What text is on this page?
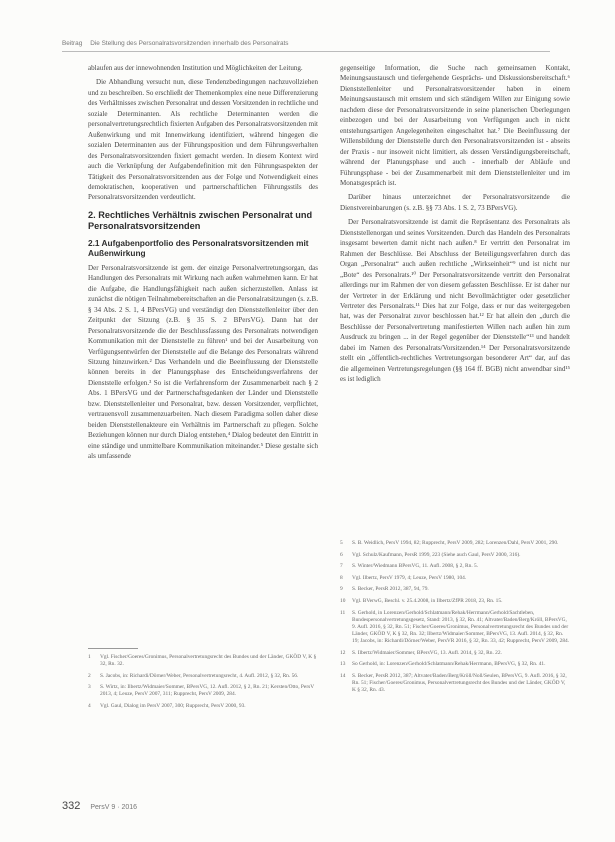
Beitrag Die Stellung des Personalratsvorsitzenden innerhalb des Personalrats

ablaufen aus der innewohnenden Institution und Möglichkeiten der Leitung.

Die Abhandlung versucht nun, diese Tendenzbedingungen nachzuvollziehen und zu beschreiben. So erschließt der Themenkomplex eine neue Differenzierung des Verhältnisses zwischen Personalrat und dessen Vorsitzenden in rechtliche und soziale Determinanten. Als rechtliche Determinanten werden die personalvertretungsrechtlich fixierten Aufgaben des Personalratsvorsitzenden mit Außenwirkung und mit Innenwirkung identifiziert, während hingegen die sozialen Determinanten aus der Führungsposition und dem Führungsverhalten des Personalratsvorsitzenden fixiert gemacht werden. In diesem Kontext wird auch die Verknüpfung der Aufgabendefinition mit den Führungsaspekten der Tätigkeit des Personalratsvorsitzenden aus der Folge und Notwendigkeit eines demokratischen, kooperativen und partnerschaftlichen Führungsstils des Personalratsvorsitzenden verdeutlicht.

2. Rechtliches Verhältnis zwischen Personalrat und Personalratsvorsitzenden
2.1 Aufgabenportfolio des Personalratsvorsitzenden mit Außenwirkung

Der Personalratsvorsitzende ist gem. der einzige Personalvertretungsorgan, das Handlungen des Personalrats mit Wirkung nach außen wahrnehmen kann. Er hat die Aufgabe, die Handlungsfähigkeit nach außen sicherzustellen. Anlass ist zunächst die nötigen Teilnahmebereitschaften an die Personalratsitzungen (s. z.B. § 34 Abs. 2 S. 1, 4 BPersVG) und verständigt den Dienststellenleiter über den Zeitpunkt der Sitzung (z.B. § 35 S. 2 BPersVG). Dann hat der Personalratsvorsitzende die der Beschlussfassung des Personalrats notwendigen Kommunikation mit der Dienststelle zu führen¹ und bei der Ausarbeitung von Verfügungsentwürfen der Dienststelle auf die Belange des Personalrats während Sitzung hinzuwirken.² Das Verhandeln und die Beeinflussung der Dienststelle können bereits in der Planungsphase des Entscheidungsverfahrens der Dienststelle erfolgen.³ So ist die Verfahrensform der Zusammenarbeit nach § 2 Abs. 1 BPersVG und der Partnerschaftsgedanken der Länder und Dienststelle bzw. Dienststellenleiter und Personalrat, bzw. dessen Vorsitzender, verpflichtet, vertrauensvoll zusammenzuarbeiten. Nach diesem Paradigma sollen daher diese beiden Dienststellenakteure ein Verhältnis im Partnerschaft zu pflegen. Solche Beziehungen können nur durch Dialog entstehen,⁴ Dialog bedeutet den Eintritt in eine ständige und unmittelbare Kommunikation miteinander.⁵ Diese gestalte sich als umfassende

1	Vgl. Fischer/Goeres/Gronimus, Personalvertretungsrecht des Bundes und der Länder, GKÖD V, K § 32, Rn. 32.
2	S. Jacobs, in: Richardi/Dörner/Weber, Personalvertretungsrecht, 4. Aufl. 2012, § 32, Rn. 56.
3	S. Wirtz, in: Ilbertz/Widmaier/Sommer, BPersVG, 12. Aufl. 2012, § 2, Rn. 21; Kersten/Otto, PersV 2013, 4; Leuze, PersV 2007, 311; Rupprecht, PersV 2009, 284.
4	Vgl. Gaul, Dialog im PersV 2007, 300; Rupprecht, PersV 2000, 93.

gegenseitige Information, die Suche nach gemeinsamen Kontakt, Meinungsaustausch und tiefergehende Gesprächs- und Diskussionsbereitschaft.⁶ Dienststellenleiter und Personalratsvorsitzender haben in einem Meinungsaustausch mit ernstem und sich ständigem Willen zur Einigung sowie nachdem diese der Personalratsvorsitzende in seine planerischen Überlegungen einbezogen und bei der Ausarbeitung von Verfügungen auch in nicht entstehungsartigen Angelegenheiten eingeschaltet hat.⁷ Die Beeinflussung der Willensbildung der Dienststelle durch den Personalratsvorsitzenden ist - abseits der Praxis - nur insoweit nicht limitiert, als dessen Verständigungsbereitschaft, während der Planungsphase und auch - innerhalb der Abläufe und Führungsphase - bei der Zusammenarbeit mit dem Dienststellenleiter und im Monatsgespräch ist.

Darüber hinaus unterzeichnet der Personalratsvorsitzende die Dienstvereinbarungen (s. z.B. §§ 73 Abs. 1 S. 2, 73 BPersVG).

Der Personalratsvorsitzende ist damit die Repräsentanz des Personalrats als Dienststellenorgan und seines Vorsitzenden. Durch das Handeln des Personalrats insgesamt bewerten damit nicht nach außen.⁸ Er vertritt den Personalrat im Rahmen der Beschlüsse. Bei Abschluss der Beteiligungsverfahren durch das Organ „Personalrat“ auch außen rechtliche „Wirkseinheit“⁹ und ist nicht nur „Bote“ des Personalrats.¹⁰ Der Personalratsvorsitzende vertritt den Personalrat allerdings nur im Rahmen der von diesem gefassten Beschlüsse. Er ist daher nur der Vertreter in der Erklärung und nicht Bevollmächtigter oder gesetzlicher Vertreter des Personalrats.¹¹ Dies hat zur Folge, dass er nur das weitergegeben hat, was der Personalrat zuvor beschlossen hat.¹² Er hat allein den „durch die Beschlüsse der Personalvertretung manifestierten Willen nach außen hin zum Ausdruck zu bringen ... in der Regel gegenüber der Dienststelle“¹³ und handelt dabei im Namen des Personalrats/Vorsitzenden.¹⁴ Der Personalratsvorsitzende stellt ein „öffentlich-rechtliches Vertretungsorgan besonderer Art“ dar, auf das die allgemeinen Vertretungsregelungen (§§ 164 ff. BGB) nicht anwendbar sind¹⁵ es ist lediglich

5	S. B. Weidlich, PersV 1994, 82; Rupprecht, PersV 2009, 282; Lorenzen/Dahl, PersV 2001, 290.
6	Vgl. Schulz/Kaufmann, PersR 1999, 223 (Siehe auch Gaul, PersV 2000, 316).
7	S. Winter/Wiedmann BPersVG, 11. Aufl. 2008, § 2, Rn. 5.
8	Vgl. Ilbertz, PersV 1979, 4; Leuze, PersV 1980, 104.
9	S. Becker, PersR 2012, 387, 94, 79.
10	Vgl. BVerwG, Beschl. v. 25.4.2008, in Ilbertz/ZfPR 2018, 23, Rn. 15.
11	S. Gerhold, in Lorenzen/Gerhold/Schlatmann/Rehak/Herrmann/Gerhold/Sachtleben, Bundespersonalvertretungsgesetz, Stand: 2013, § 32, Rn. 41; Altvater/Baden/Berg/Kröll, BPersVG, 9. Aufl. 2016, § 32, Rn. 51; Fischer/Goeres/Gronimus, Personalvertretungsrecht des Bundes und der Länder, GKÖD V, K § 32, Rn. 32; Ilbertz/Widmaier/Sommer, BPersVG, 13. Aufl. 2014, § 32, Rn. 19; Jacobs, in: Richardi/Dörner/Weber, PersVR 2016, § 32, Rn. 33, 42; Rupprecht, PersV 2009, 284.
12	S. Ilbertz/Widmaier/Sommer, BPersVG, 13. Aufl. 2014, § 32, Rn. 22.
13	So Gerhold, in: Lorenzen/Gerhold/Schlatmann/Rehak/Herrmann, BPersVG, § 32, Rn. 41.
14	S. Becker, PersR 2012, 387; Altvater/Baden/Berg/Kröll/Noll/Seulen, BPersVG, 9. Aufl. 2016, § 32, Rn. 51; Fischer/Goeres/Gronimus, Personalvertretungsrecht des Bundes und der Länder, GKÖD V, K § 32, Rn. 43.
332 PersV 9 · 2016
